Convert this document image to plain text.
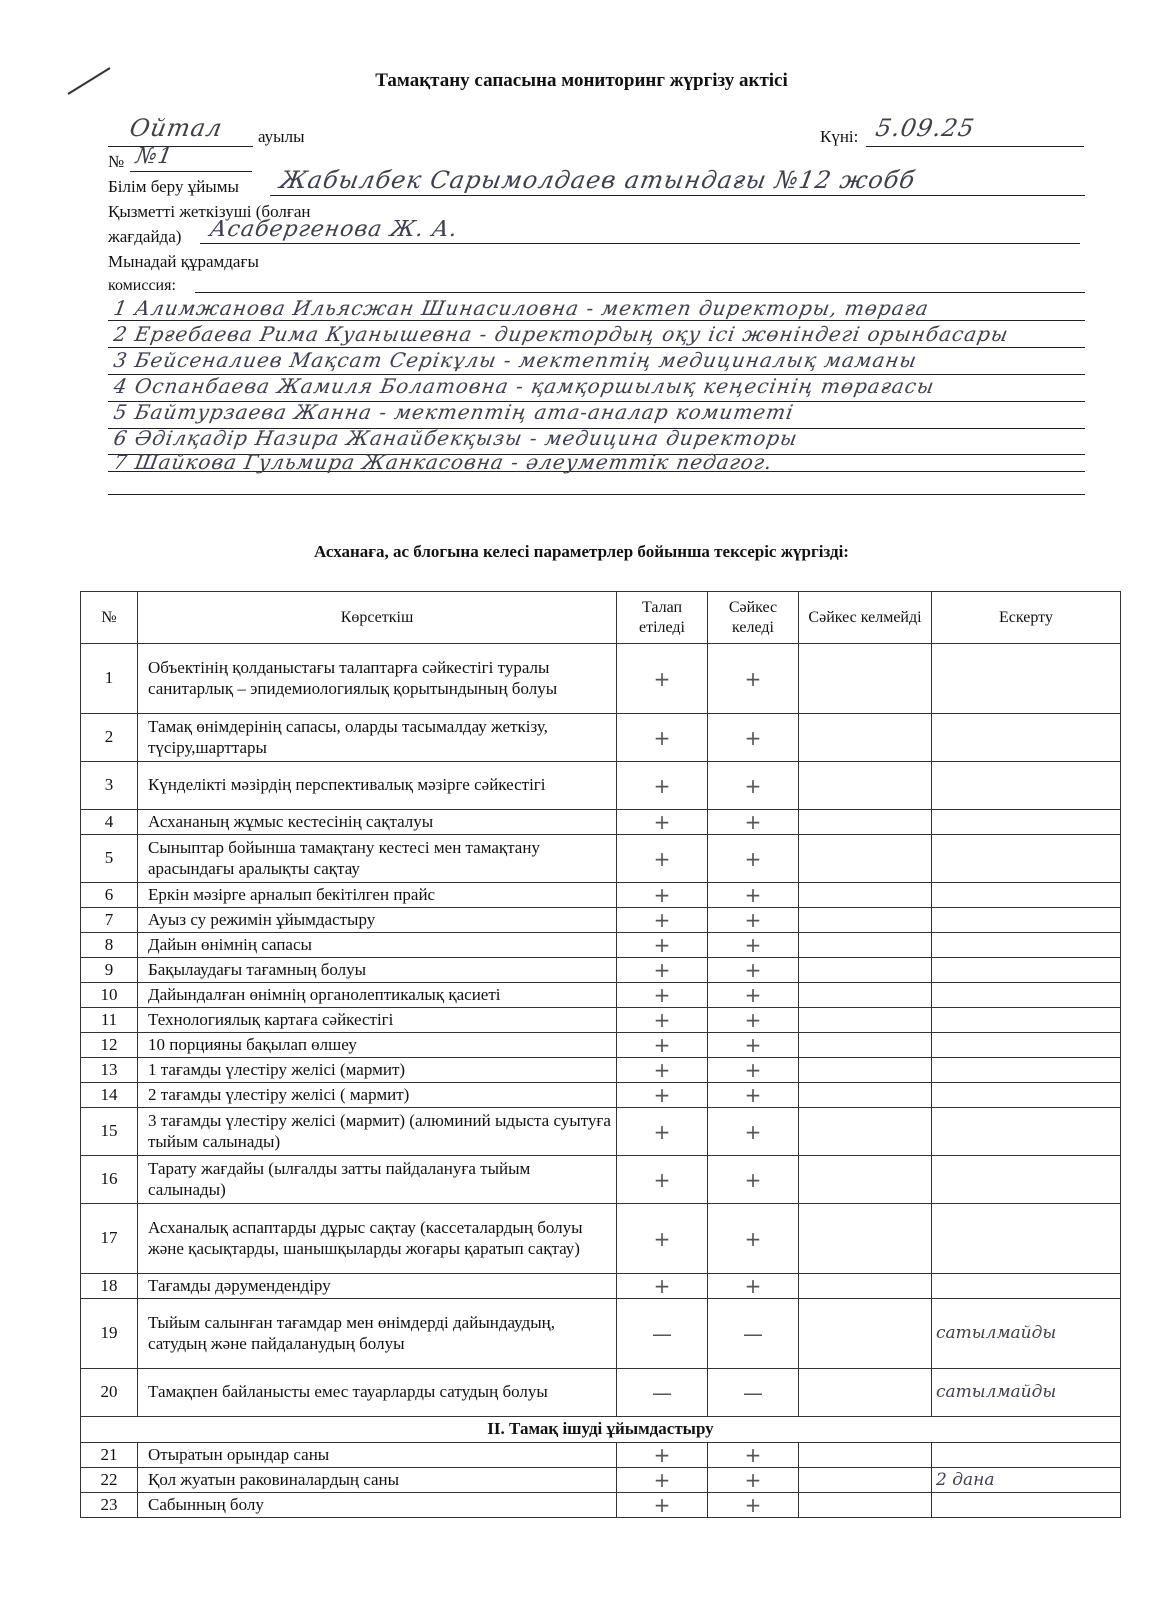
Тамақтану сапасына мониторинг жүргізу актісі
Ойтал ауылы	Күні: 5.09.25
№ №1
Білім беру ұйымы Жабылбек Сарымолдаев атындағы №12 жобб
Қызметті жеткізуші (болған
жағдайда) Асабергенова Ж. А.
Мынадай құрамдағы
комиссия:
1 Алимжанова Ильясжан Шинасиловна - мектеп директоры, төраға
2 Ерғебаева Рима Куанышевна - директордың оқу ісі жөніндегі орынбасары
3 Бейсеналиев Мақсат Серікұлы - мектептің медициналық маманы
4 Оспанбаева Жамиля Болатовна - қамқоршылық кеңесінің төрағасы
5 Байтурзаева Жанна - мектептің ата-аналар комитеті
6 Әділқадір Назира Жанайбекқызы - медицина директоры
7 Шайкова Гульмира Жанкасовна - әлеуметтік педагог.
Асханаға, ас блогына келесі параметрлер бойынша тексеріс жүргізді:
№	Көрсеткіш	Талап етіледі	Сәйкес келеді	Сәйкес келмейді	Ескерту
1	Объектінің қолданыстағы талаптарға сәйкестігі туралы санитарлық – эпидемиологиялық қорытындының болуы	+	+		
2	Тамақ өнімдерінің сапасы, оларды тасымалдау жеткізу, түсіру,шарттары	+	+		
3	Күнделікті мәзірдің перспективалық мәзірге сәйкестігі	+	+		
4	Асхананың жұмыс кестесінің сақталуы	+	+		
5	Сыныптар бойынша тамақтану кестесі мен тамақтану арасындағы аралықты сақтау	+	+		
6	Еркін мәзірге арналып бекітілген прайс	+	+		
7	Ауыз су режимін ұйымдастыру	+	+		
8	Дайын өнімнің сапасы	+	+		
9	Бақылаудағы тағамның болуы	+	+		
10	Дайындалған өнімнің органолептикалық қасиеті	+	+		
11	Технологиялық картаға сәйкестігі	+	+		
12	10 порцияны бақылап өлшеу	+	+		
13	1 тағамды үлестіру желісі (мармит)	+	+		
14	2 тағамды үлестіру желісі ( мармит)	+	+		
15	3 тағамды үлестіру желісі (мармит) (алюминий ыдыста суытуға тыйым салынады)	+	+		
16	Тарату жағдайы (ылғалды затты пайдалануға тыйым салынады)	+	+		
17	Асханалық аспаптарды дұрыс сақтау (кассеталардың болуы және қасықтарды, шанышқыларды жоғары қаратып сақтау)	+	+		
18	Тағамды дәрумендендіру	+	+		
19	Тыйым салынған тағамдар мен өнімдерді дайындаудың, сатудың және пайдаланудың болуы	—	—		сатылмайды
20	Тамақпен байланысты емес тауарларды сатудың болуы	—	—		сатылмайды
ІІ. Тамақ ішуді ұйымдастыру					
21	Отыратын орындар саны	+	+		
22	Қол жуатын раковиналардың саны	+	+		2 дана
23	Сабынның болу	+	+		
